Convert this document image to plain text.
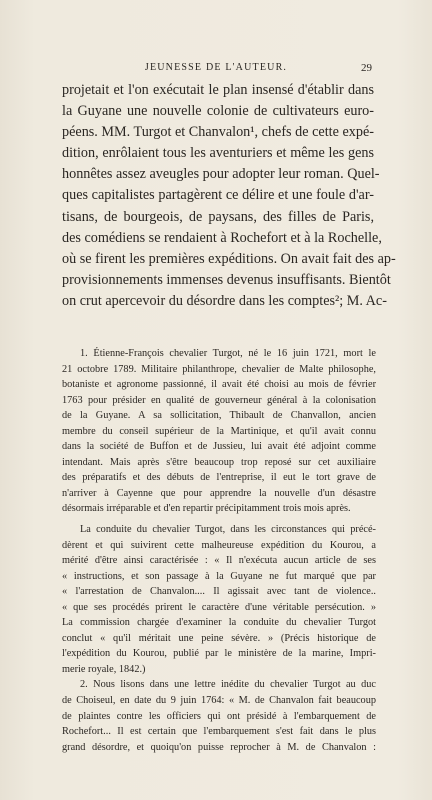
JEUNESSE DE L'AUTEUR.	29
projetait et l'on exécutait le plan insensé d'établir dans
la Guyane une nouvelle colonie de cultivateurs euro-
péens. MM. Turgot et Chanvalon¹, chefs de cette expé-
dition, enrôlaient tous les aventuriers et même les gens
honnêtes assez aveugles pour adopter leur roman. Quel-
ques capitalistes partagèrent ce délire et une foule d'ar-
tisans, de bourgeois, de paysans, des filles de Paris,
des comédiens se rendaient à Rochefort et à la Rochelle,
où se firent les premières expéditions. On avait fait des ap-
provisionnements immenses devenus insuffisants. Bientôt
on crut apercevoir du désordre dans les comptes²; M. Ac-
1. Étienne-François chevalier Turgot, né le 16 juin 1721, mort le
21 octobre 1789. Militaire philanthrope, chevalier de Malte philosophe,
botaniste et agronome passionné, il avait été choisi au mois de février
1763 pour présider en qualité de gouverneur général à la colonisation
de la Guyane. A sa sollicitation, Thibault de Chanvallon, ancien
membre du conseil supérieur de la Martinique, et qu'il avait connu
dans la société de Buffon et de Jussieu, lui avait été adjoint comme
intendant. Mais après s'être beaucoup trop reposé sur cet auxiliaire
des préparatifs et des débuts de l'entreprise, il eut le tort grave de
n'arriver à Cayenne que pour apprendre la nouvelle d'un désastre
désormais irréparable et d'en repartir précipitamment trois mois après.
La conduite du chevalier Turgot, dans les circonstances qui précé-
dèrent et qui suivirent cette malheureuse expédition du Kourou, a
mérité d'être ainsi caractérisée : « Il n'exécuta aucun article de ses
« instructions, et son passage à la Guyane ne fut marqué que par
« l'arrestation de Chanvalon.... Il agissait avec tant de violence..
« que ses procédés prirent le caractère d'une véritable persécution. »
La commission chargée d'examiner la conduite du chevalier Turgot
conclut « qu'il méritait une peine sévère. » (Précis historique de
l'expédition du Kourou, publié par le ministère de la marine, Impri-
merie royale, 1842.)
2. Nous lisons dans une lettre inédite du chevalier Turgot au duc
de Choiseul, en date du 9 juin 1764: « M. de Chanvalon fait beaucoup
de plaintes contre les officiers qui ont présidé à l'embarquement de
Rochefort... Il est certain que l'embarquement s'est fait dans le plus
grand désordre, et quoiqu'on puisse reprocher à M. de Chanvalon :
